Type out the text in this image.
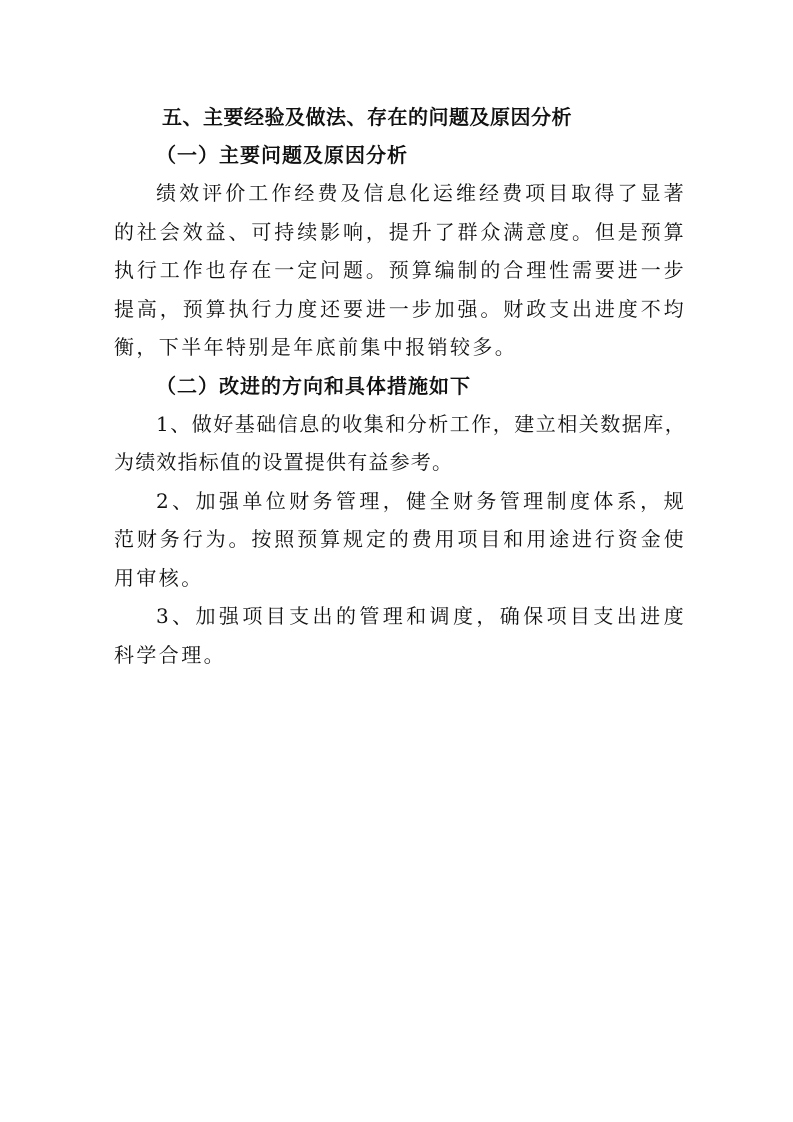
五、主要经验及做法、存在的问题及原因分析
（一）主要问题及原因分析

绩效评价工作经费及信息化运维经费项目取得了显著的社会效益、可持续影响，提升了群众满意度。但是预算执行工作也存在一定问题。预算编制的合理性需要进一步提高，预算执行力度还要进一步加强。财政支出进度不均衡，下半年特别是年底前集中报销较多。

（二）改进的方向和具体措施如下

1、做好基础信息的收集和分析工作，建立相关数据库，为绩效指标值的设置提供有益参考。

2、加强单位财务管理，健全财务管理制度体系，规范财务行为。按照预算规定的费用项目和用途进行资金使用审核。

3、加强项目支出的管理和调度，确保项目支出进度科学合理。
